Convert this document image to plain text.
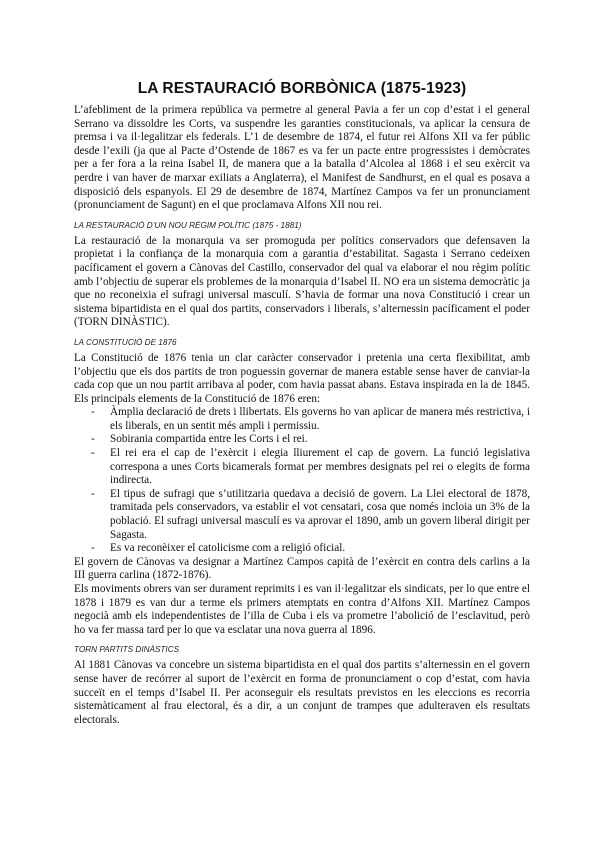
LA RESTAURACIÓ BORBÒNICA (1875-1923)

L’afebliment de la primera república va permetre al general Pavia a fer un cop d’estat i el general Serrano va dissoldre les Corts, va suspendre les garanties constitucionals, va aplicar la censura de premsa i va il·legalitzar els federals. L’1 de desembre de 1874, el futur rei Alfons XII va fer públic desde l’exili (ja que al Pacte d’Ostende de 1867 es va fer un pacte entre progressistes i demòcrates per a fer fora a la reina Isabel II, de manera que a la batalla d’Alcolea al 1868 i el seu exèrcit va perdre i van haver de marxar exiliats a Anglaterra), el Manifest de Sandhurst, en el qual es posava a disposició dels espanyols. El 29 de desembre de 1874, Martínez Campos va fer un pronunciament (pronunciament de Sagunt) en el que proclamava Alfons XII nou rei.

LA RESTAURACIÓ D’UN NOU RÈGIM POLÍTIC (1875 - 1881)

La restauració de la monarquia va ser promoguda per polítics conservadors que defensaven la propietat i la confiança de la monarquia com a garantia d’estabilitat. Sagasta i Serrano cedeixen pacíficament el govern a Cànovas del Castillo, conservador del qual va elaborar el nou règim polític amb l’objectiu de superar els problemes de la monarquia d’Isabel II. NO era un sistema democràtic ja que no reconeixia el sufragi universal masculí. S’havia de formar una nova Constitució i crear un sistema bipartidista en el qual dos partits, conservadors i liberals, s’alternessin pacíficament el poder (TORN DINÀSTIC).

LA CONSTITUCIÓ DE 1876

La Constitució de 1876 tenia un clar caràcter conservador i pretenia una certa flexibilitat, amb l’objectiu que els dos partits de tron poguessin governar de manera estable sense haver de canviar-la cada cop que un nou partit arribava al poder, com havia passat abans. Estava inspirada en la de 1845. Els principals elements de la Constitució de 1876 eren:

- Àmplia declaració de drets i llibertats. Els governs ho van aplicar de manera més restrictiva, i els liberals, en un sentit més ampli i permissiu.
- Sobirania compartida entre les Corts i el rei.
- El rei era el cap de l’exèrcit i elegia lliurement el cap de govern. La funció legislativa correspona a unes Corts bicamerals format per membres designats pel rei o elegits de forma indirecta.
- El tipus de sufragi que s’utilitzaria quedava a decisió de govern. La Llei electoral de 1878, tramitada pels conservadors, va establir el vot censatari, cosa que només incloia un 3% de la població. El sufragi universal masculí es va aprovar el 1890, amb un govern liberal dirigit per Sagasta.
- Es va reconèixer el catolicisme com a religió oficial.

El govern de Cànovas va designar a Martínez Campos capità de l’exèrcit en contra dels carlins a la III guerra carlina (1872-1876).

Els moviments obrers van ser durament reprimits i es van il·legalitzar els sindicats, per lo que entre el 1878 i 1879 es van dur a terme els primers atemptats en contra d’Alfons XII. Martínez Campos negocià amb els independentistes de l’illa de Cuba i els va prometre l’abolició de l’esclavitud, però ho va fer massa tard per lo que va esclatar una nova guerra al 1896.

TORN PARTITS DINÀSTICS

Al 1881 Cànovas va concebre un sistema bipartidista en el qual dos partits s’alternessin en el govern sense haver de recórrer al suport de l’exèrcit en forma de pronunciament o cop d’estat, com havia succeït en el temps d’Isabel II. Per aconseguir els resultats previstos en les eleccions es recorria sistemàticament al frau electoral, és a dir, a un conjunt de trampes que adulteraven els resultats electorals.
